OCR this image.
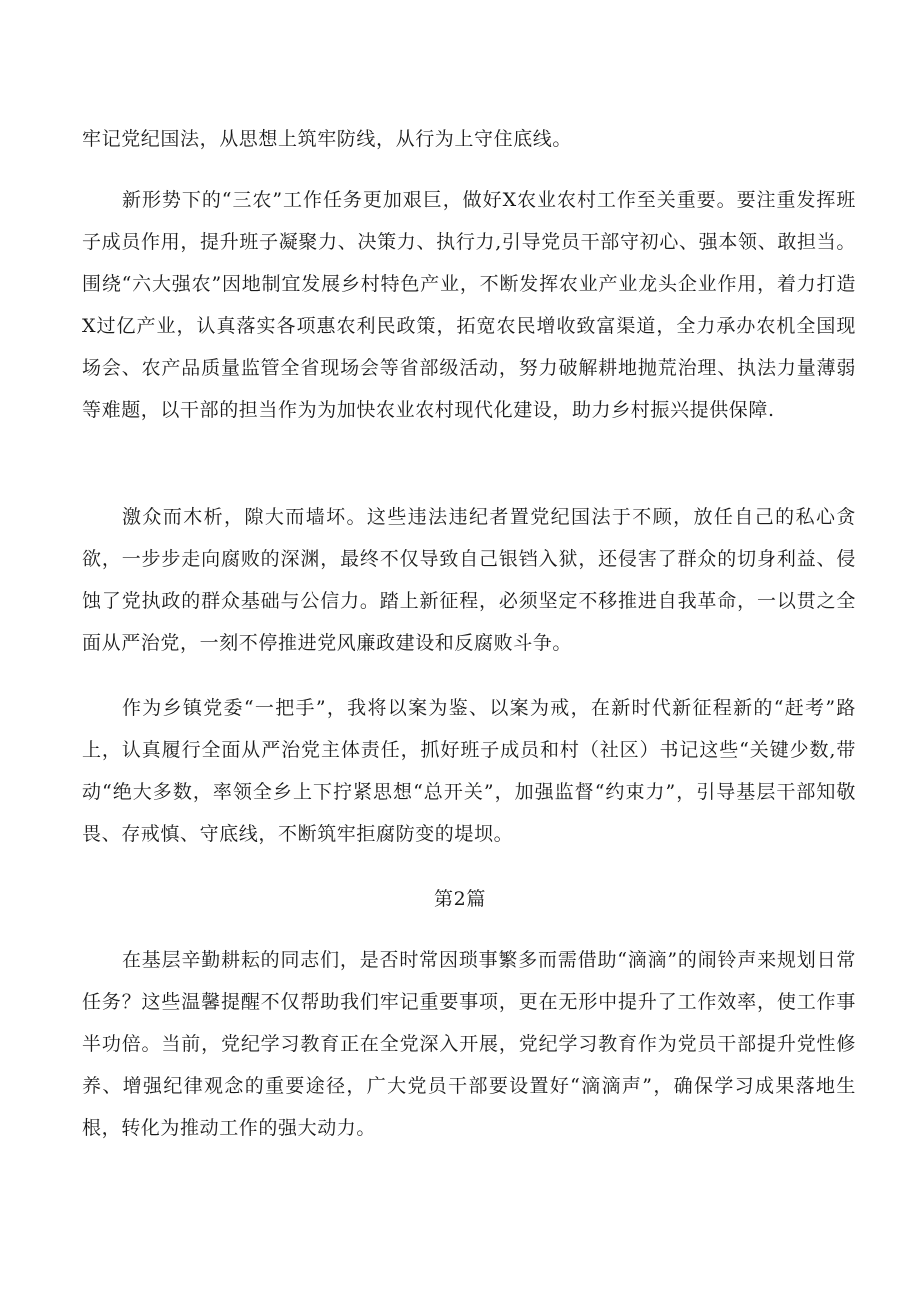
牢记党纪国法，从思想上筑牢防线，从行为上守住底线。

新形势下的“三农”工作任务更加艰巨，做好X农业农村工作至关重要。要注重发挥班子成员作用，提升班子凝聚力、决策力、执行力,引导党员干部守初心、强本领、敢担当。围绕“六大强农”因地制宜发展乡村特色产业，不断发挥农业产业龙头企业作用，着力打造X过亿产业，认真落实各项惠农利民政策，拓宽农民增收致富渠道，全力承办农机全国现场会、农产品质量监管全省现场会等省部级活动，努力破解耕地抛荒治理、执法力量薄弱等难题，以干部的担当作为为加快农业农村现代化建设，助力乡村振兴提供保障.

激众而木析，隙大而墙坏。这些违法违纪者置党纪国法于不顾，放任自己的私心贪欲，一步步走向腐败的深渊，最终不仅导致自己银铛入狱，还侵害了群众的切身利益、侵蚀了党执政的群众基础与公信力。踏上新征程，必须坚定不移推进自我革命，一以贯之全面从严治党，一刻不停推进党风廉政建设和反腐败斗争。

作为乡镇党委“一把手”，我将以案为鉴、以案为戒，在新时代新征程新的“赶考”路上，认真履行全面从严治党主体责任，抓好班子成员和村（社区）书记这些“关键少数,带动“绝大多数，率领全乡上下拧紧思想“总开关”，加强监督“约束力”，引导基层干部知敬畏、存戒慎、守底线，不断筑牢拒腐防变的堤坝。

第2篇

在基层辛勤耕耘的同志们，是否时常因琐事繁多而需借助“滴滴”的闹铃声来规划日常任务？这些温馨提醒不仅帮助我们牢记重要事项，更在无形中提升了工作效率，使工作事半功倍。当前，党纪学习教育正在全党深入开展，党纪学习教育作为党员干部提升党性修养、增强纪律观念的重要途径，广大党员干部要设置好“滴滴声”，确保学习成果落地生根，转化为推动工作的强大动力。
